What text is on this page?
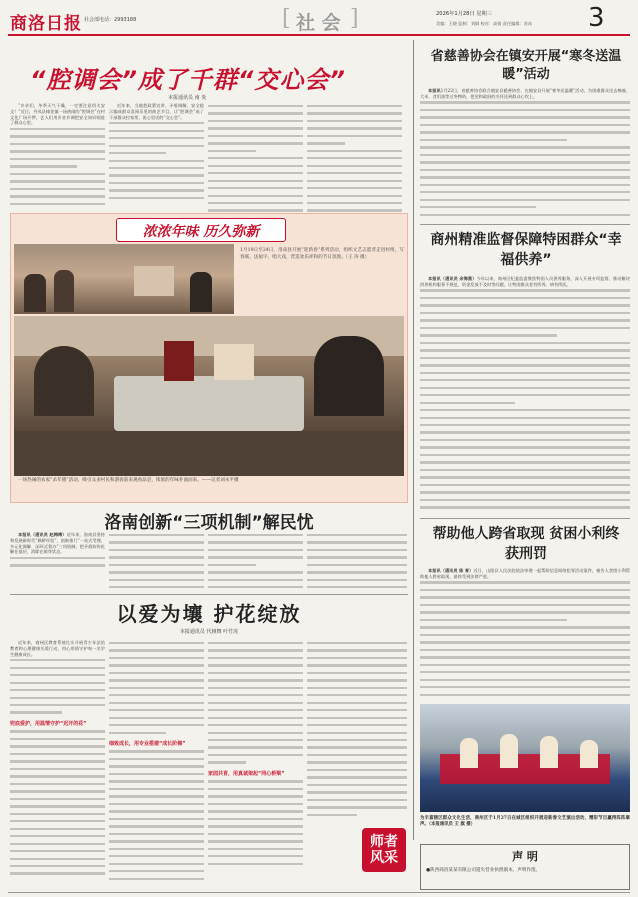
商洛日报 社会部电话：2993188	[ 社 会 ]	2026年1月28日 星期三
美编：王晓 监制：刘炯 校对：高倩 责任编辑：苏冰 3
“腔调会”成了千群“交心会”
本报通讯员 南 炎

“乡亲们，冬季天气干燥，一定要注意用火安全！”近日，丹凤县棣花镇一场热闹的“腔调会”在村文化广场开锣，艺人们用乡音乡调把安全知识唱进了群众心里。

近年来，当地把政策宣讲、矛盾调解、安全提示编成群众喜闻乐见的曲艺节目，让“腔调会”成了干部群众拉家常、说心里话的“交心会”。

省慈善协会在镇安开展“寒冬送温暖”活动

本报讯1月22日，省慈善协会联合镇安县慈善协会，在镇安县开展“寒冬送温暖”活动，为困难群众送去棉被、大米、食用油等过冬物资，把党和政府的关怀送到群众心坎上。

浓浓年味 历久弥新
1月19日至24日，洛南县开展“迎新春”系列活动，组织文艺志愿者走进村组，写春联、送福字、唱大戏，营造欢乐祥和的节日氛围。（王 涛 摄）
一场热闹的农家“杀年猪”活动，吸引众多村民和游客前来观看品尝，浓浓的年味扑面而来。——记者刘永平摄
商州精准监督保障特困群众“幸福供养”

本报讯（通讯员 余海燕）今年以来，商州区纪委监委聚焦特困人员供养服务，深入开展专项监督，推动解决供养机构服务不规范、资金发放不及时等问题，让特困群众老有所养、病有所医。

洛南创新“三项机制”解民忧

本报讯（通讯员 赵梅梅）近年来，洛南县坚持和发展新时代“枫桥经验”，创新推行“一站式受理、多元化调解、闭环式督办”三项机制，把矛盾纠纷化解在基层、消除在萌芽状态。

帮助他人跨省取现 贫困小利终获刑罚

本报讯（通讯员 陈 育）近日，山阳县人民法院依法审理一起帮助信息网络犯罪活动案件，被告人贪图小利帮助他人跨省取现，最终受到法律严惩。

以爱为壤 护花绽放
本报通讯员 代娅舞 叶竹虎

近年来，商州区教育系统扎实开展青少年法治教育和心理健康关爱行动，用心用情守护每一名学生健康成长。

兜底爱护，用温情守护“迟开的花”
细致成长，用专业搭建“成长阶梯”
家园共育，用真诚架起“同心桥梁”
师者风采
为丰富辖区群众文化生活，商州区于1月27日在城区组织开展迎新春文艺演出活动，精彩节目赢得阵阵掌声。（本报通讯员 王 旗 摄）
声 明
●陕西商洛某某有限公司遗失营业执照副本，声明作废。
